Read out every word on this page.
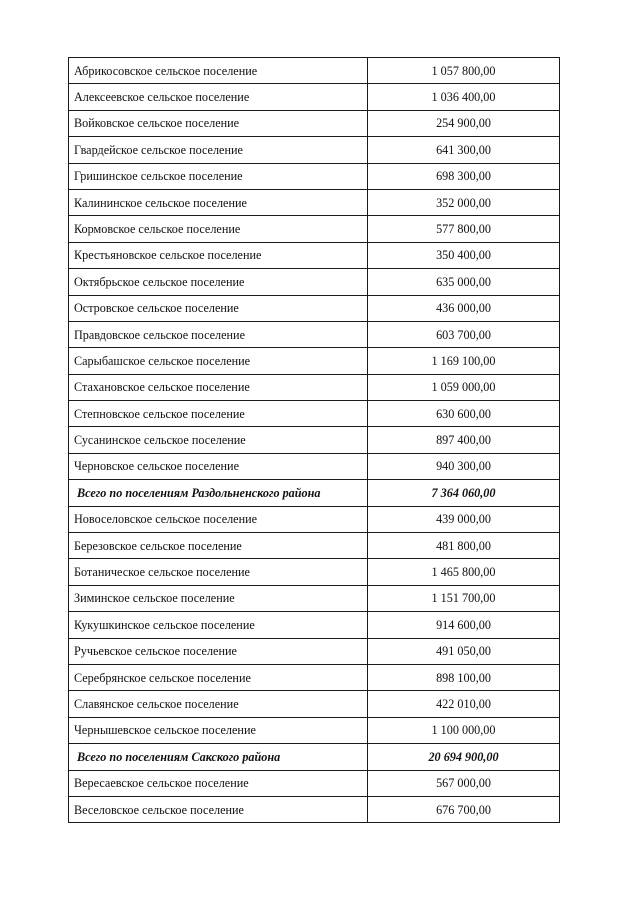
Абрикосовское сельское поселение	1 057 800,00
Алексеевское сельское поселение	1 036 400,00
Войковское сельское поселение	254 900,00
Гвардейское сельское поселение	641 300,00
Гришинское сельское поселение	698 300,00
Калининское сельское поселение	352 000,00
Кормовское сельское поселение	577 800,00
Крестьяновское сельское поселение	350 400,00
Октябрьское сельское поселение	635 000,00
Островское сельское поселение	436 000,00
Правдовское сельское поселение	603 700,00
Сарыбашское сельское поселение	1 169 100,00
Стахановское сельское поселение	1 059 000,00
Степновское сельское поселение	630 600,00
Сусанинское сельское поселение	897 400,00
Черновское сельское поселение	940 300,00
Всего по поселениям Раздольненского района	7 364 060,00
Новоселовское сельское поселение	439 000,00
Березовское сельское поселение	481 800,00
Ботаническое сельское поселение	1 465 800,00
Зиминское сельское поселение	1 151 700,00
Кукушкинское сельское поселение	914 600,00
Ручьевское сельское поселение	491 050,00
Серебрянское сельское поселение	898 100,00
Славянское сельское поселение	422 010,00
Чернышевское сельское поселение	1 100 000,00
Всего по поселениям Сакского района	20 694 900,00
Вересаевское сельское поселение	567 000,00
Веселовское сельское поселение	676 700,00
